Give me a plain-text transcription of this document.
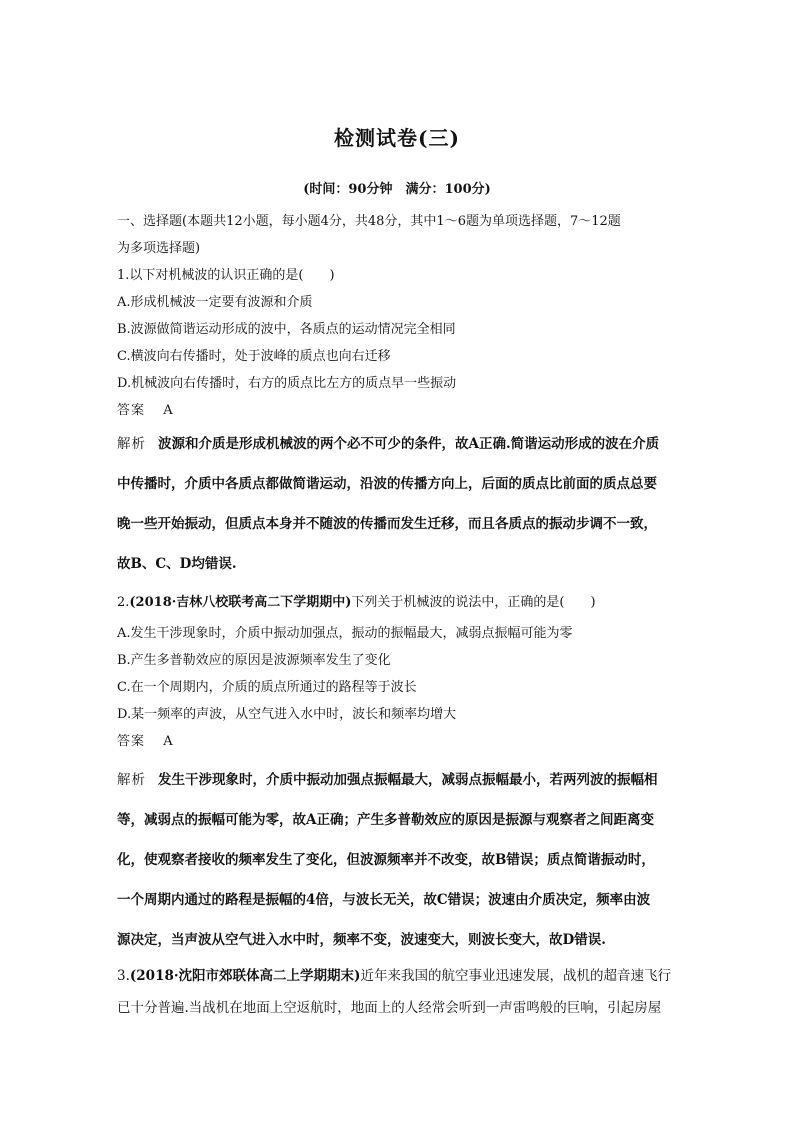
检测试卷(三)
(时间：90分钟　满分：100分)
一、选择题(本题共12小题，每小题4分，共48分，其中1～6题为单项选择题，7～12题
为多项选择题)
1.以下对机械波的认识正确的是(　　)
A.形成机械波一定要有波源和介质
B.波源做简谐运动形成的波中，各质点的运动情况完全相同
C.横波向右传播时，处于波峰的质点也向右迁移
D.机械波向右传播时，右方的质点比左方的质点早一些振动
答案 A
解析 波源和介质是形成机械波的两个必不可少的条件，故A正确.简谐运动形成的波在介质
中传播时，介质中各质点都做简谐运动，沿波的传播方向上，后面的质点比前面的质点总要
晚一些开始振动，但质点本身并不随波的传播而发生迁移，而且各质点的振动步调不一致，
故B、C、D均错误.
2.(2018·吉林八校联考高二下学期期中)下列关于机械波的说法中，正确的是(　　)
A.发生干涉现象时，介质中振动加强点，振动的振幅最大，减弱点振幅可能为零
B.产生多普勒效应的原因是波源频率发生了变化
C.在一个周期内，介质的质点所通过的路程等于波长
D.某一频率的声波，从空气进入水中时，波长和频率均增大
答案 A
解析 发生干涉现象时，介质中振动加强点振幅最大，减弱点振幅最小，若两列波的振幅相
等，减弱点的振幅可能为零，故A正确；产生多普勒效应的原因是振源与观察者之间距离变
化，使观察者接收的频率发生了变化，但波源频率并不改变，故B错误；质点简谐振动时，
一个周期内通过的路程是振幅的4倍，与波长无关，故C错误；波速由介质决定，频率由波
源决定，当声波从空气进入水中时，频率不变，波速变大，则波长变大，故D错误.
3.(2018·沈阳市郊联体高二上学期期末)近年来我国的航空事业迅速发展，战机的超音速飞行
已十分普遍.当战机在地面上空返航时，地面上的人经常会听到一声雷鸣般的巨响，引起房屋
